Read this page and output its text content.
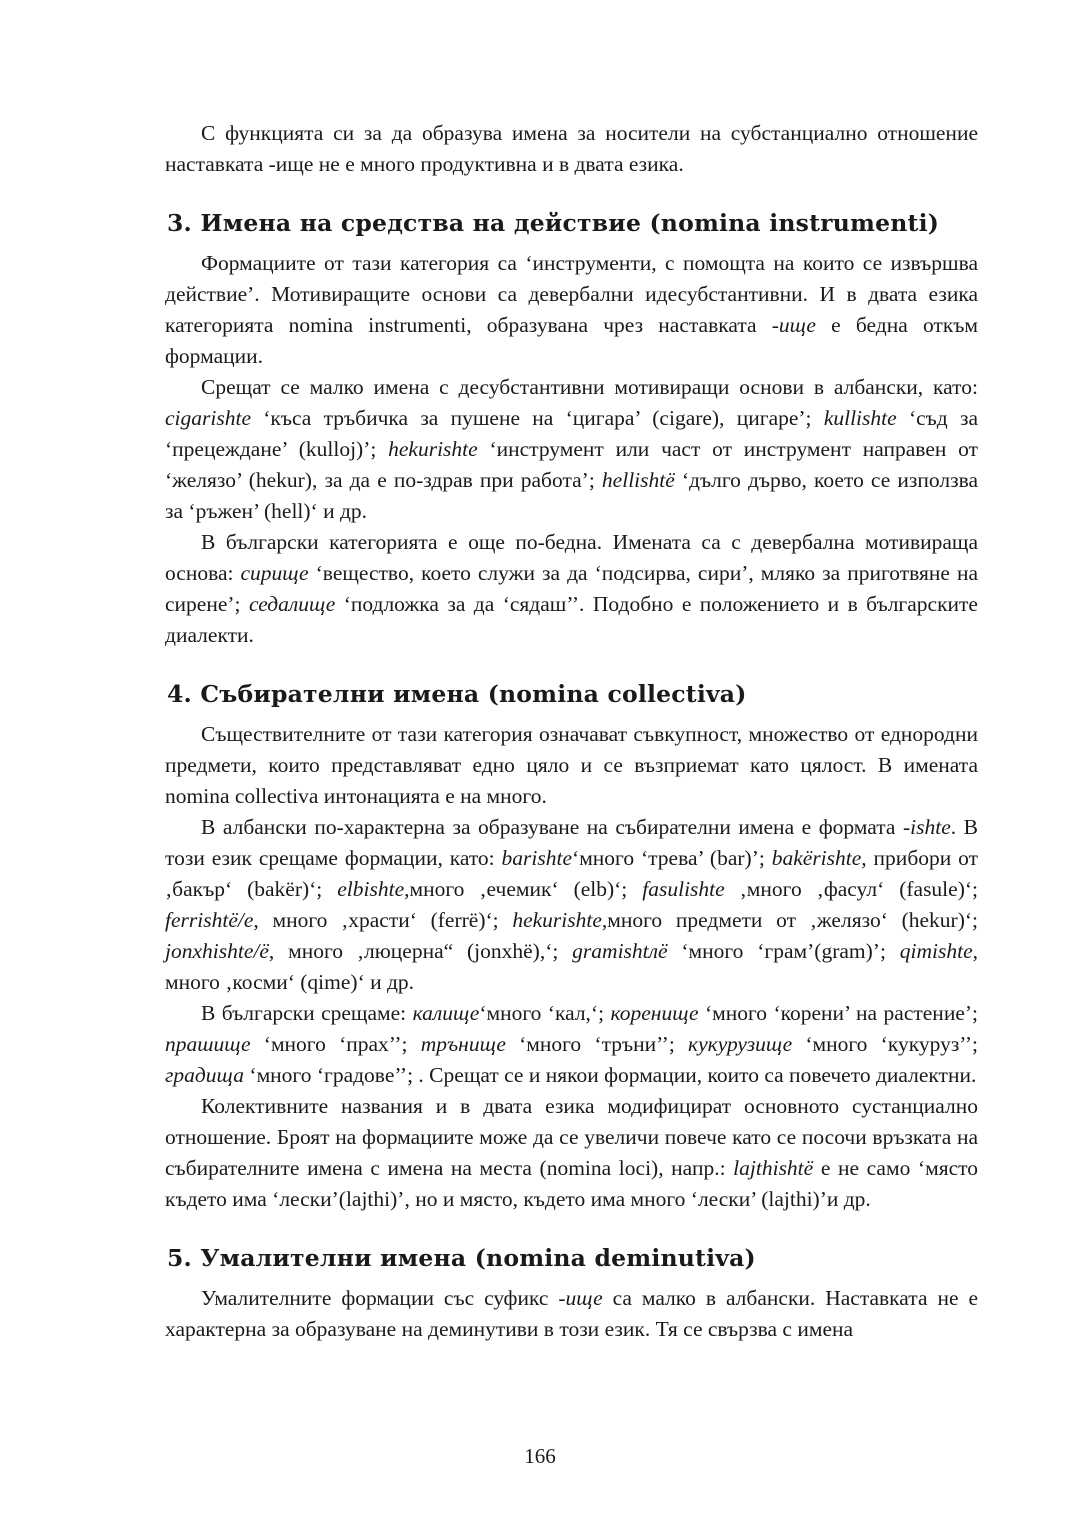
С функцията си за да образува имена за носители на субстанциално отношение наставката -ище не е много продуктивна и в двата езика.

3. Имена на средства на действие (nomina instrumenti)

Формациите от тази категория са ‘инструменти, с помощта на които се извършва действие’. Мотивиращите основи са девербални идесубстантивни. И в двата езика категорията nomina instrumenti, образувана чрез наставката -ище е бедна откъм формации.

Срещат се малко имена с десубстантивни мотивиращи основи в албански, като: cigarishte ‘къса тръбичка за пушене на ‘цигара’ (cigare), цигаре’; kullishte ‘съд за ‘прецеждане’ (kulloj)’; hekurishte ‘инструмент или част от инструмент направен от ‘желязо’ (hekur), за да е по-здрав при работа’; hellishtë ‘дълго дърво, което се използва за ‘ръжен’ (hell)‘ и др.

В български категорията е още по-бедна. Имената са с девербална мотивираща основа: сирище ‘вещество, което служи за да ‘подсирва, сири’, мляко за приготвяне на сирене’; седалище ‘подложка за да ‘сядаш’’. Подобно е положението и в българските диалекти.

4. Събирателни имена (nomina collectiva)

Съществителните от тази категория означават съвкупност, множество от еднородни предмети, които представляват едно цяло и се възприемат като цялост. В имената nomina collectiva интонацията е на много.

В албански по-характерна за образуване на събирателни имена е формата -ishte. В този език срещаме формации, като: barishte‘много ‘трева’ (bar)’; bakërishte, прибори от ‚бакър‘ (bakër)‘; elbishte,много ‚ечемик‘ (elb)‘; fasulishte ‚много ‚фасул‘ (fasule)‘; ferrishtë/e, много ‚храсти‘ (ferrë)‘; hekurishte,много предмети от ‚желязо‘ (hekur)‘; jonxhishte/ë, много ‚люцерна“ (jonxhë),‘; gramishtлë ‘много ‘грам’(gram)’; qimishte, много ‚косми‘ (qime)‘ и др.

В български срещаме: калище‘много ‘кал,‘; коренище ‘много ‘корени’ на растение’; прашище ‘много ‘прах’’; трънище ‘много ‘тръни’’; кукурузище ‘много ‘кукуруз’’; градища ‘много ‘градове’’; . Срещат се и някои формации, които са повечето диалектни.

Колективните названия и в двата езика модифицират основното сустанциално отношение. Броят на формациите може да се увеличи повече като се посочи връзката на събирателните имена с имена на места (nomina loci), напр.: lajthishtë е не само ‘място където има ‘лески’(lajthi)’, но и място, където има много ‘лески’ (lajthi)’и др.

5. Умалителни имена (nomina deminutiva)

Умалителните формации със суфикс -ище са малко в албански. Наставката не е характерна за образуване на деминутиви в този език. Тя се свързва с имена

166
